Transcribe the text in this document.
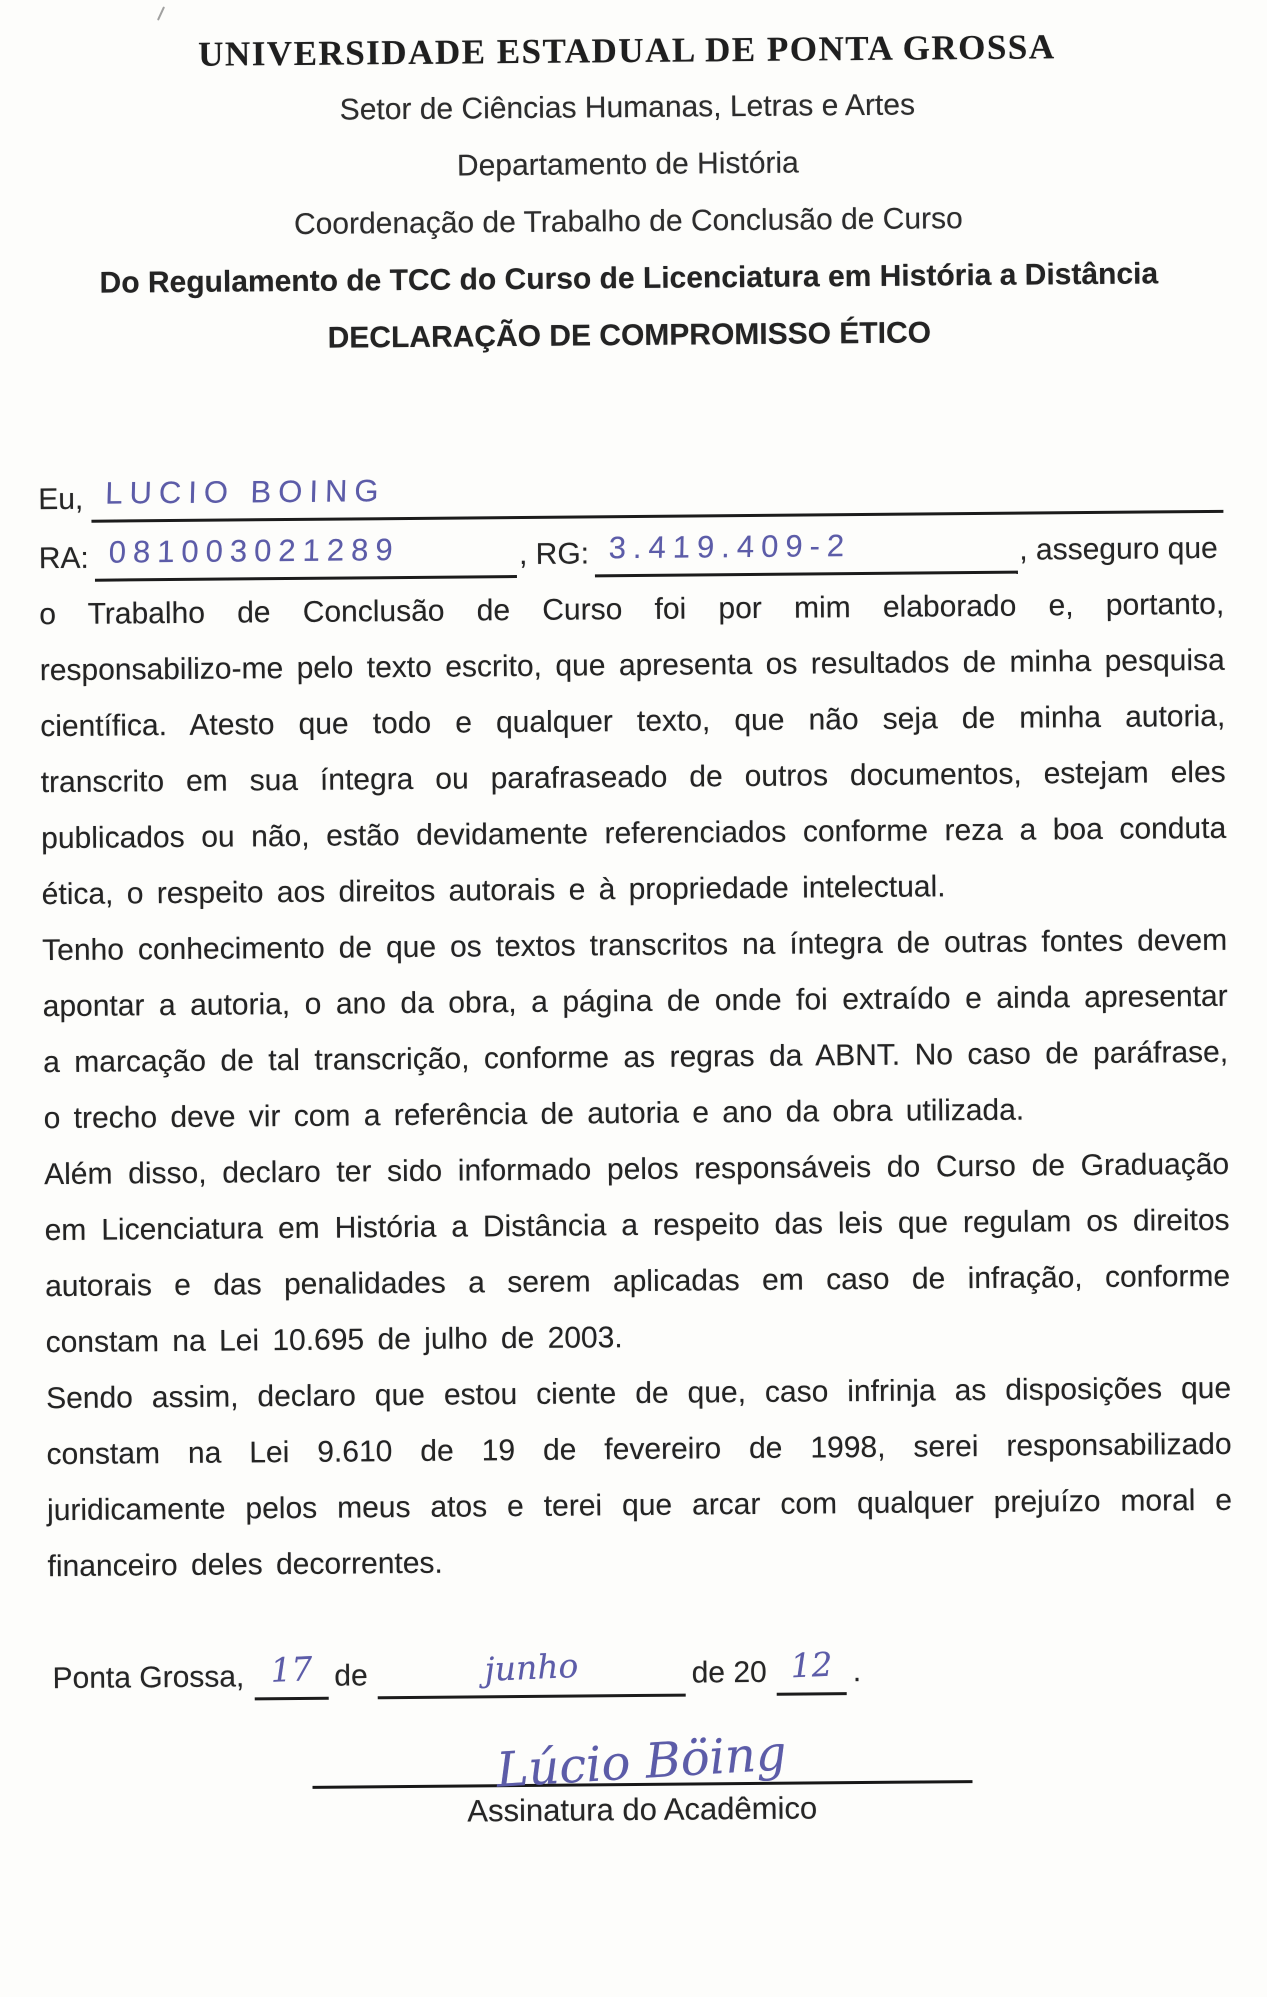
UNIVERSIDADE ESTADUAL DE PONTA GROSSA
Setor de Ciências Humanas, Letras e Artes
Departamento de História
Coordenação de Trabalho de Conclusão de Curso
Do Regulamento de TCC do Curso de Licenciatura em História a Distância
DECLARAÇÃO DE COMPROMISSO ÉTICO
Eu, LUCIO BOING
RA: 081003021289	, RG: 3.419.409-2	, asseguro que

o Trabalho de Conclusão de Curso foi por mim elaborado e, portanto, responsabilizo-me pelo texto escrito, que apresenta os resultados de minha pesquisa científica. Atesto que todo e qualquer texto, que não seja de minha autoria, transcrito em sua íntegra ou parafraseado de outros documentos, estejam eles publicados ou não, estão devidamente referenciados conforme reza a boa conduta ética, o respeito aos direitos autorais e à propriedade intelectual.

Tenho conhecimento de que os textos transcritos na íntegra de outras fontes devem apontar a autoria, o ano da obra, a página de onde foi extraído e ainda apresentar a marcação de tal transcrição, conforme as regras da ABNT. No caso de paráfrase, o trecho deve vir com a referência de autoria e ano da obra utilizada.

Além disso, declaro ter sido informado pelos responsáveis do Curso de Graduação em Licenciatura em História a Distância a respeito das leis que regulam os direitos autorais e das penalidades a serem aplicadas em caso de infração, conforme constam na Lei 10.695 de julho de 2003.

Sendo assim, declaro que estou ciente de que, caso infrinja as disposições que constam na Lei 9.610 de 19 de fevereiro de 1998, serei responsabilizado juridicamente pelos meus atos e terei que arcar com qualquer prejuízo moral e financeiro deles decorrentes.

Ponta Grossa, 17 de	junho	de 20 12 .
Lúcio Böing
Assinatura do Acadêmico
